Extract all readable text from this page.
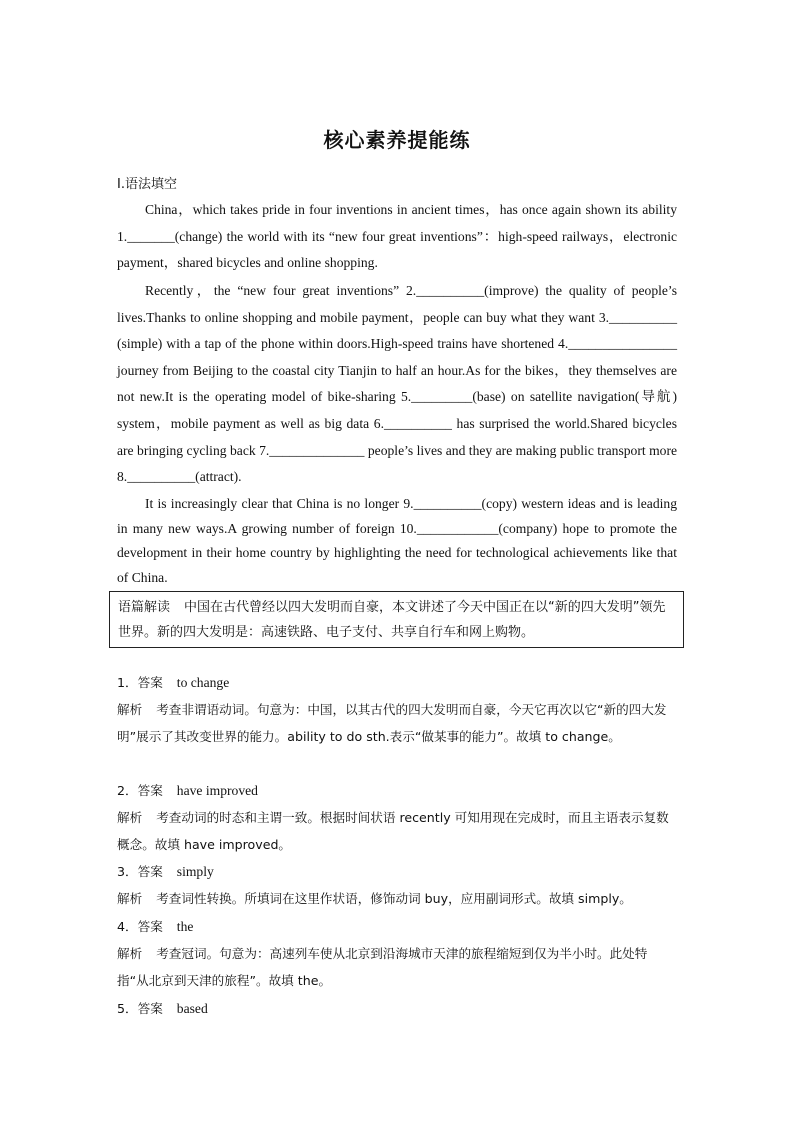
核心素养提能练
Ⅰ.语法填空
China，which takes pride in four inventions in ancient times，has once again shown its ability 1._______(change) the world with its “new four great inventions”：high-speed railways，electronic payment，shared bicycles and online shopping.
Recently，the “new four great inventions” 2.__________(improve) the quality of people’s lives.Thanks to online shopping and mobile payment，people can buy what they want 3.__________ (simple) with a tap of the phone within doors.High-speed trains have shortened 4.________________ journey from Beijing to the coastal city Tianjin to half an hour.As for the bikes，they themselves are not new.It is the operating model of bike-sharing 5._________(base) on satellite navigation(导航) system，mobile payment as well as big data 6.__________ has surprised the world.Shared bicycles are bringing cycling back 7.______________ people’s lives and they are making public transport more 8.__________(attract).
It is increasingly clear that China is no longer 9.__________(copy) western ideas and is leading in many new ways.A growing number of foreign 10.____________(company) hope to promote the development in their home country by highlighting the need for technological achievements like that of China.
语篇解读 中国在古代曾经以四大发明而自豪，本文讲述了今天中国正在以“新的四大发明”领先世界。新的四大发明是：高速铁路、电子支付、共享自行车和网上购物。
1．答案 to change
解析 考查非谓语动词。句意为：中国，以其古代的四大发明而自豪，今天它再次以它“新的四大发明”展示了其改变世界的能力。ability to do sth.表示“做某事的能力”。故填 to change。
2．答案 have improved
解析 考查动词的时态和主谓一致。根据时间状语 recently 可知用现在完成时，而且主语表示复数概念。故填 have improved。
3．答案 simply
解析 考查词性转换。所填词在这里作状语，修饰动词 buy，应用副词形式。故填 simply。
4．答案 the
解析 考查冠词。句意为：高速列车使从北京到沿海城市天津的旅程缩短到仅为半小时。此处特指“从北京到天津的旅程”。故填 the。
5．答案 based
